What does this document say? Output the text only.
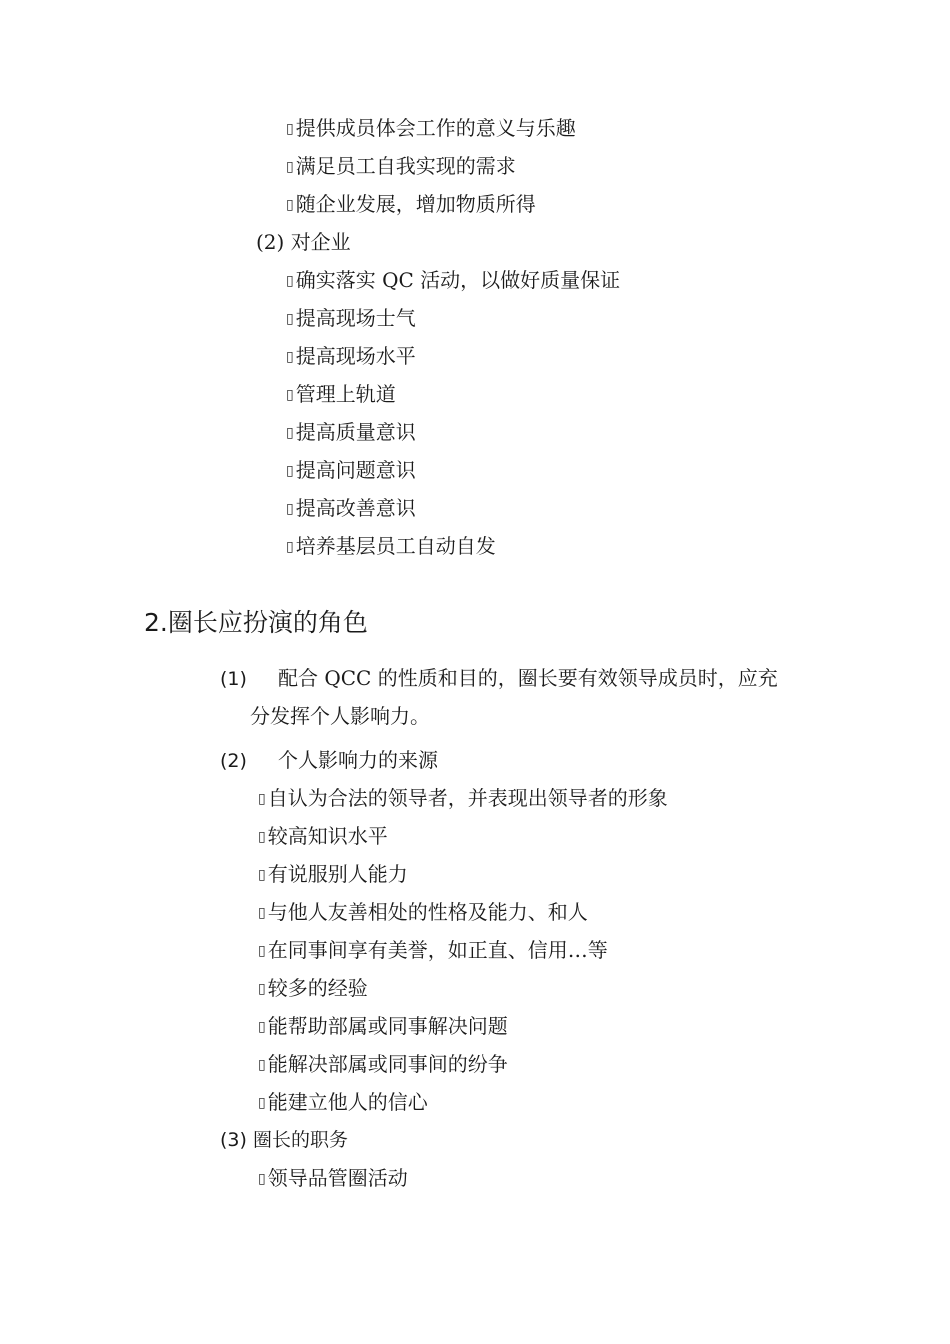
▯ 提供成员体会工作的意义与乐趣
▯ 满足员工自我实现的需求
▯ 随企业发展，增加物质所得
(2) 对企业
▯ 确实落实 QC 活动，以做好质量保证
▯ 提高现场士气
▯ 提高现场水平
▯ 管理上轨道
▯ 提高质量意识
▯ 提高问题意识
▯ 提高改善意识
▯ 培养基层员工自动自发
2.圈长应扮演的角色
(1) 配合 QCC 的性质和目的，圈长要有效领导成员时，应充
分发挥个人影响力。
(2) 个人影响力的来源
▯ 自认为合法的领导者，并表现出领导者的形象
▯ 较高知识水平
▯ 有说服别人能力
▯ 与他人友善相处的性格及能力、和人
▯ 在同事间享有美誉，如正直、信用…等
▯ 较多的经验
▯ 能帮助部属或同事解决问题
▯ 能解决部属或同事间的纷争
▯ 能建立他人的信心
(3) 圈长的职务
▯ 领导品管圈活动
